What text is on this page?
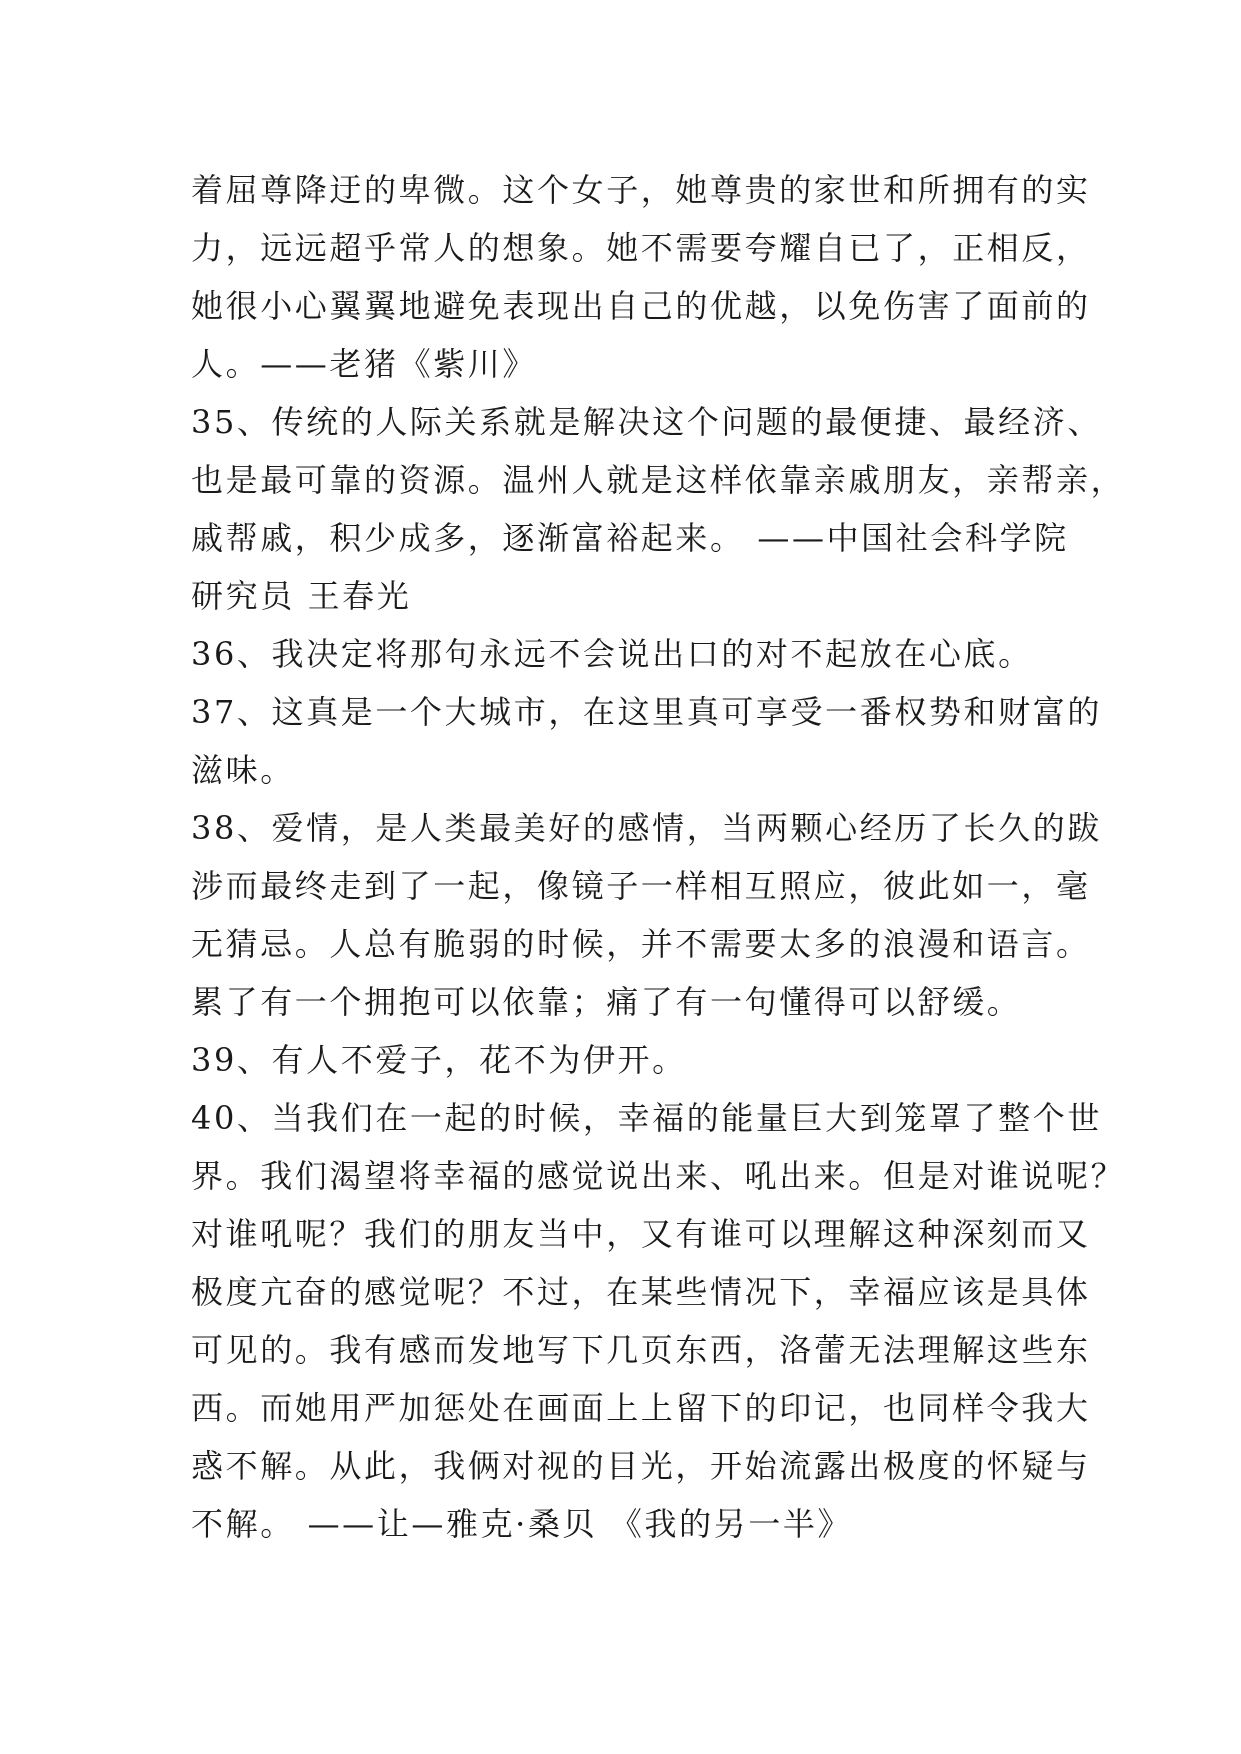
着屈尊降迂的卑微。这个女子，她尊贵的家世和所拥有的实
力，远远超乎常人的想象。她不需要夸耀自已了，正相反，
她很小心翼翼地避免表现出自己的优越，以免伤害了面前的
人。——老猪《紫川》
35、传统的人际关系就是解决这个问题的最便捷、最经济、
也是最可靠的资源。温州人就是这样依靠亲戚朋友，亲帮亲，
戚帮戚，积少成多，逐渐富裕起来。 ——中国社会科学院
研究员 王春光
36、我决定将那句永远不会说出口的对不起放在心底。
37、这真是一个大城市，在这里真可享受一番权势和财富的
滋味。
38、爱情，是人类最美好的感情，当两颗心经历了长久的跋
涉而最终走到了一起，像镜子一样相互照应，彼此如一，毫
无猜忌。人总有脆弱的时候，并不需要太多的浪漫和语言。
累了有一个拥抱可以依靠；痛了有一句懂得可以舒缓。
39、有人不爱子，花不为伊开。
40、当我们在一起的时候，幸福的能量巨大到笼罩了整个世
界。我们渴望将幸福的感觉说出来、吼出来。但是对谁说呢？
对谁吼呢？我们的朋友当中，又有谁可以理解这种深刻而又
极度亢奋的感觉呢？不过，在某些情况下，幸福应该是具体
可见的。我有感而发地写下几页东西，洛蕾无法理解这些东
西。而她用严加惩处在画面上上留下的印记，也同样令我大
惑不解。从此，我俩对视的目光，开始流露出极度的怀疑与
不解。 ——让—雅克·桑贝 《我的另一半》
